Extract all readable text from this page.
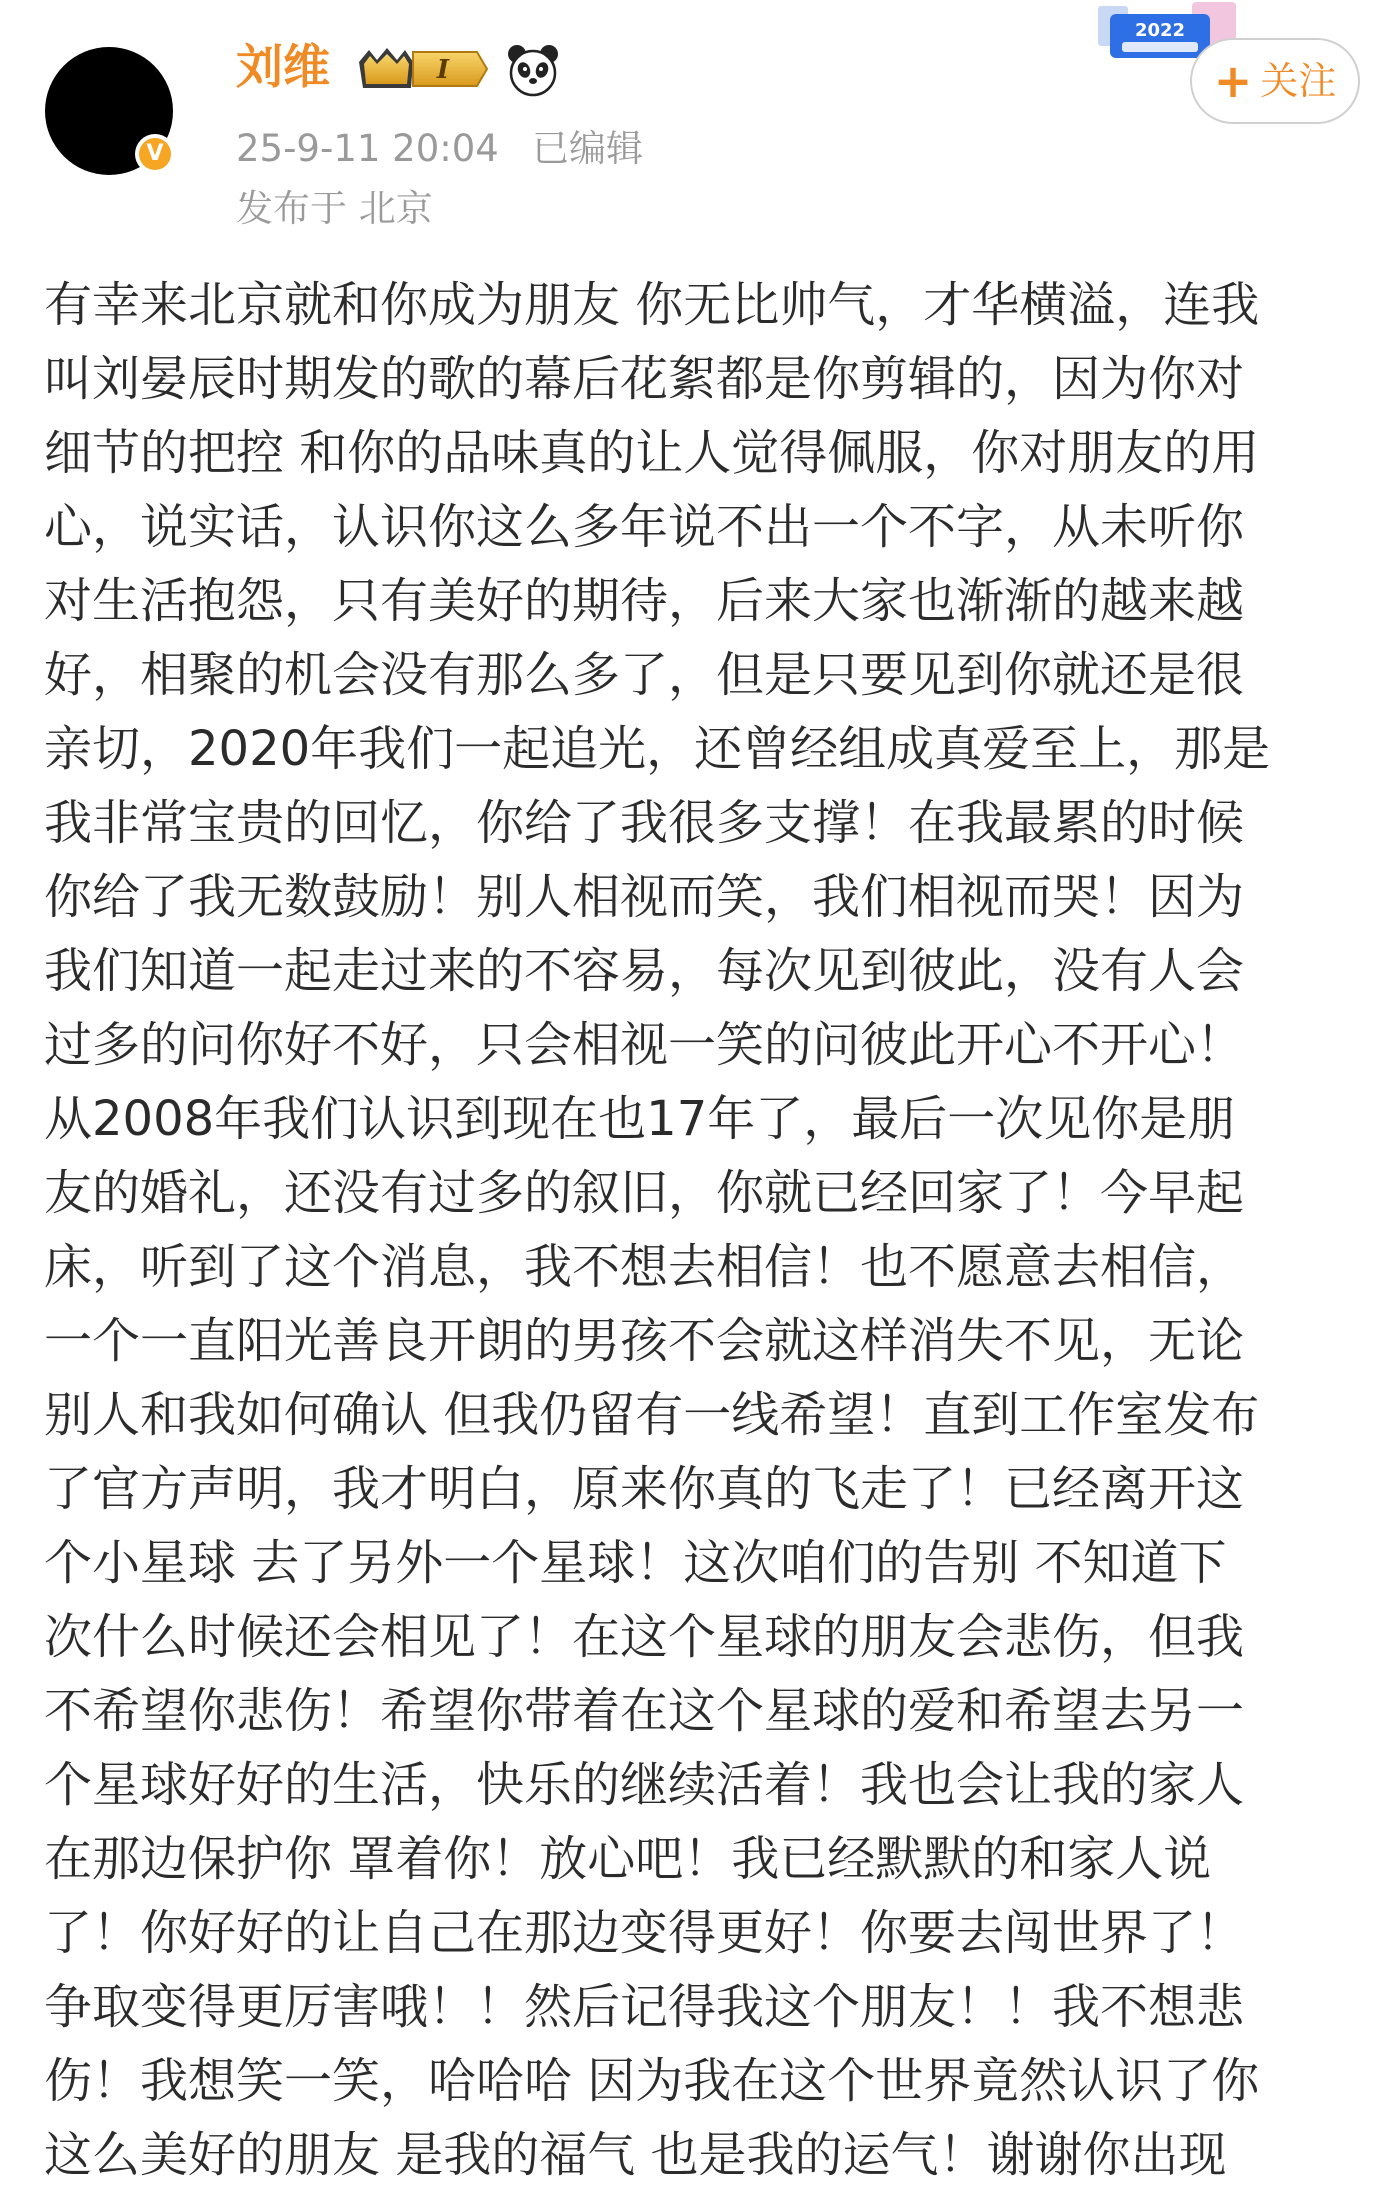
V
刘维	I
25-9-11 20:04 已编辑
发布于 北京
2022
+ 关注
有幸来北京就和你成为朋友 你无比帅气，才华横溢，连我
叫刘晏辰时期发的歌的幕后花絮都是你剪辑的，因为你对
细节的把控 和你的品味真的让人觉得佩服，你对朋友的用
心，说实话，认识你这么多年说不出一个不字，从未听你
对生活抱怨，只有美好的期待，后来大家也渐渐的越来越
好，相聚的机会没有那么多了，但是只要见到你就还是很
亲切，2020年我们一起追光，还曾经组成真爱至上，那是
我非常宝贵的回忆，你给了我很多支撑！在我最累的时候
你给了我无数鼓励！别人相视而笑，我们相视而哭！因为
我们知道一起走过来的不容易，每次见到彼此，没有人会
过多的问你好不好，只会相视一笑的问彼此开心不开心！
从2008年我们认识到现在也17年了，最后一次见你是朋
友的婚礼，还没有过多的叙旧，你就已经回家了！今早起
床，听到了这个消息，我不想去相信！也不愿意去相信，
一个一直阳光善良开朗的男孩不会就这样消失不见，无论
别人和我如何确认 但我仍留有一线希望！直到工作室发布
了官方声明，我才明白，原来你真的飞走了！已经离开这
个小星球 去了另外一个星球！这次咱们的告别 不知道下
次什么时候还会相见了！在这个星球的朋友会悲伤，但我
不希望你悲伤！希望你带着在这个星球的爱和希望去另一
个星球好好的生活，快乐的继续活着！我也会让我的家人
在那边保护你 罩着你！放心吧！我已经默默的和家人说
了！你好好的让自己在那边变得更好！你要去闯世界了！
争取变得更厉害哦！！然后记得我这个朋友！！我不想悲
伤！我想笑一笑，哈哈哈 因为我在这个世界竟然认识了你
这么美好的朋友 是我的福气 也是我的运气！谢谢你出现
